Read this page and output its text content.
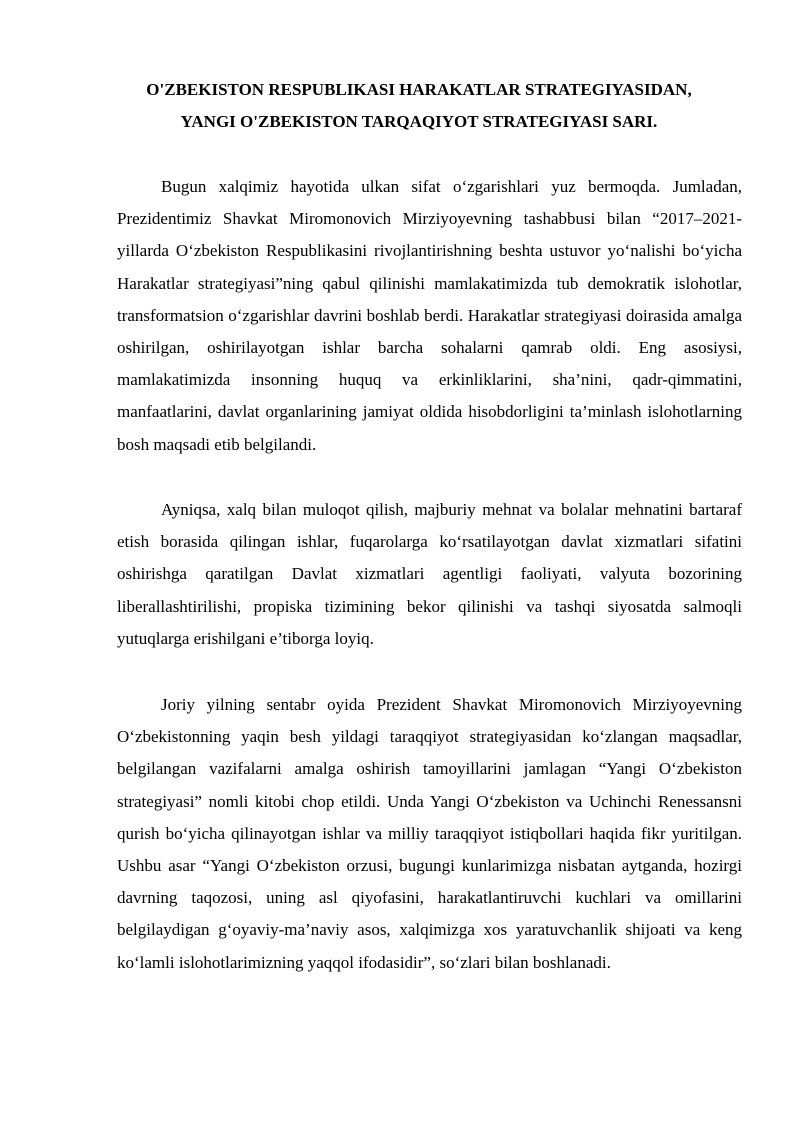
O'ZBEKISTON RESPUBLIKASI HARAKATLAR STRATEGIYASIDAN,
YANGI O'ZBEKISTON TARQAQIYOT STRATEGIYASI SARI.

Bugun xalqimiz hayotida ulkan sifat o‘zgarishlari yuz bermoqda. Jumladan, Prezidentimiz Shavkat Miromonovich Mirziyoyevning tashabbusi bilan “2017–2021-yillarda O‘zbekiston Respublikasini rivojlantirishning beshta ustuvor yo‘nalishi bo‘yicha Harakatlar strategiyasi”ning qabul qilinishi mamlakatimizda tub demokratik islohotlar, transformatsion o‘zgarishlar davrini boshlab berdi. Harakatlar strategiyasi doirasida amalga oshirilgan, oshirilayotgan ishlar barcha sohalarni qamrab oldi. Eng asosiysi, mamlakatimizda insonning huquq va erkinliklarini, sha’nini, qadr-qimmatini, manfaatlarini, davlat organlarining jamiyat oldida hisobdorligini ta’minlash islohotlarning bosh maqsadi etib belgilandi.

Ayniqsa, xalq bilan muloqot qilish, majburiy mehnat va bolalar mehnatini bartaraf etish borasida qilingan ishlar, fuqarolarga ko‘rsatilayotgan davlat xizmatlari sifatini oshirishga qaratilgan Davlat xizmatlari agentligi faoliyati, valyuta bozorining liberallashtirilishi, propiska tizimining bekor qilinishi va tashqi siyosatda salmoqli yutuqlarga erishilgani e’tiborga loyiq.

Joriy yilning sentabr oyida Prezident Shavkat Miromonovich Mirziyoyevning O‘zbekistonning yaqin besh yildagi taraqqiyot strategiyasidan ko‘zlangan maqsadlar, belgilangan vazifalarni amalga oshirish tamoyillarini jamlagan “Yangi O‘zbekiston strategiyasi” nomli kitobi chop etildi. Unda Yangi O‘zbekiston va Uchinchi Renessansni qurish bo‘yicha qilinayotgan ishlar va milliy taraqqiyot istiqbollari haqida fikr yuritilgan. Ushbu asar “Yangi O‘zbekiston orzusi, bugungi kunlarimizga nisbatan aytganda, hozirgi davrning taqozosi, uning asl qiyofasini, harakatlantiruvchi kuchlari va omillarini belgilaydigan g‘oyaviy-ma’naviy asos, xalqimizga xos yaratuvchanlik shijoati va keng ko‘lamli islohotlarimizning yaqqol ifodasidir”, so‘zlari bilan boshlanadi.
